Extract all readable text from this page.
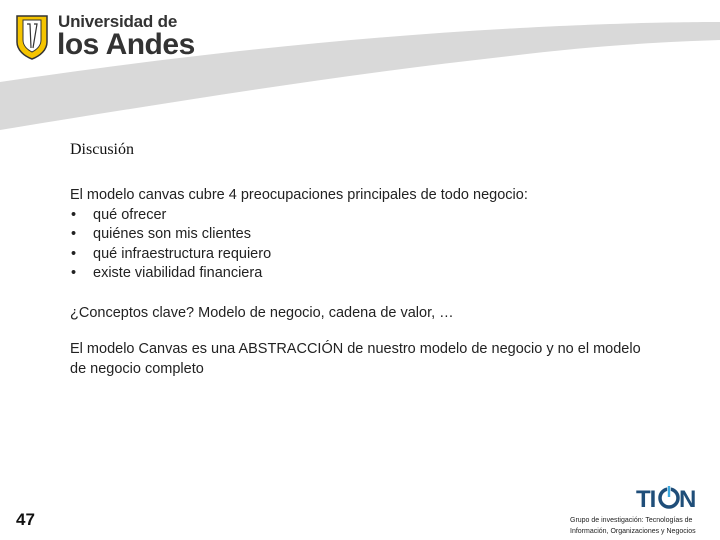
Universidad de
los Andes
Discusión

El modelo canvas cubre 4 preocupaciones principales de todo negocio:

• qué ofrecer
• quiénes son mis clientes
• qué infraestructura requiero
• existe viabilidad financiera

¿Conceptos clave? Modelo de negocio, cadena de valor, …

El modelo Canvas es una ABSTRACCIÓN de nuestro modelo de negocio y no el modelo de negocio completo

47
TI N
Grupo de investigación: Tecnologías de
Información, Organizaciones y Negocios
